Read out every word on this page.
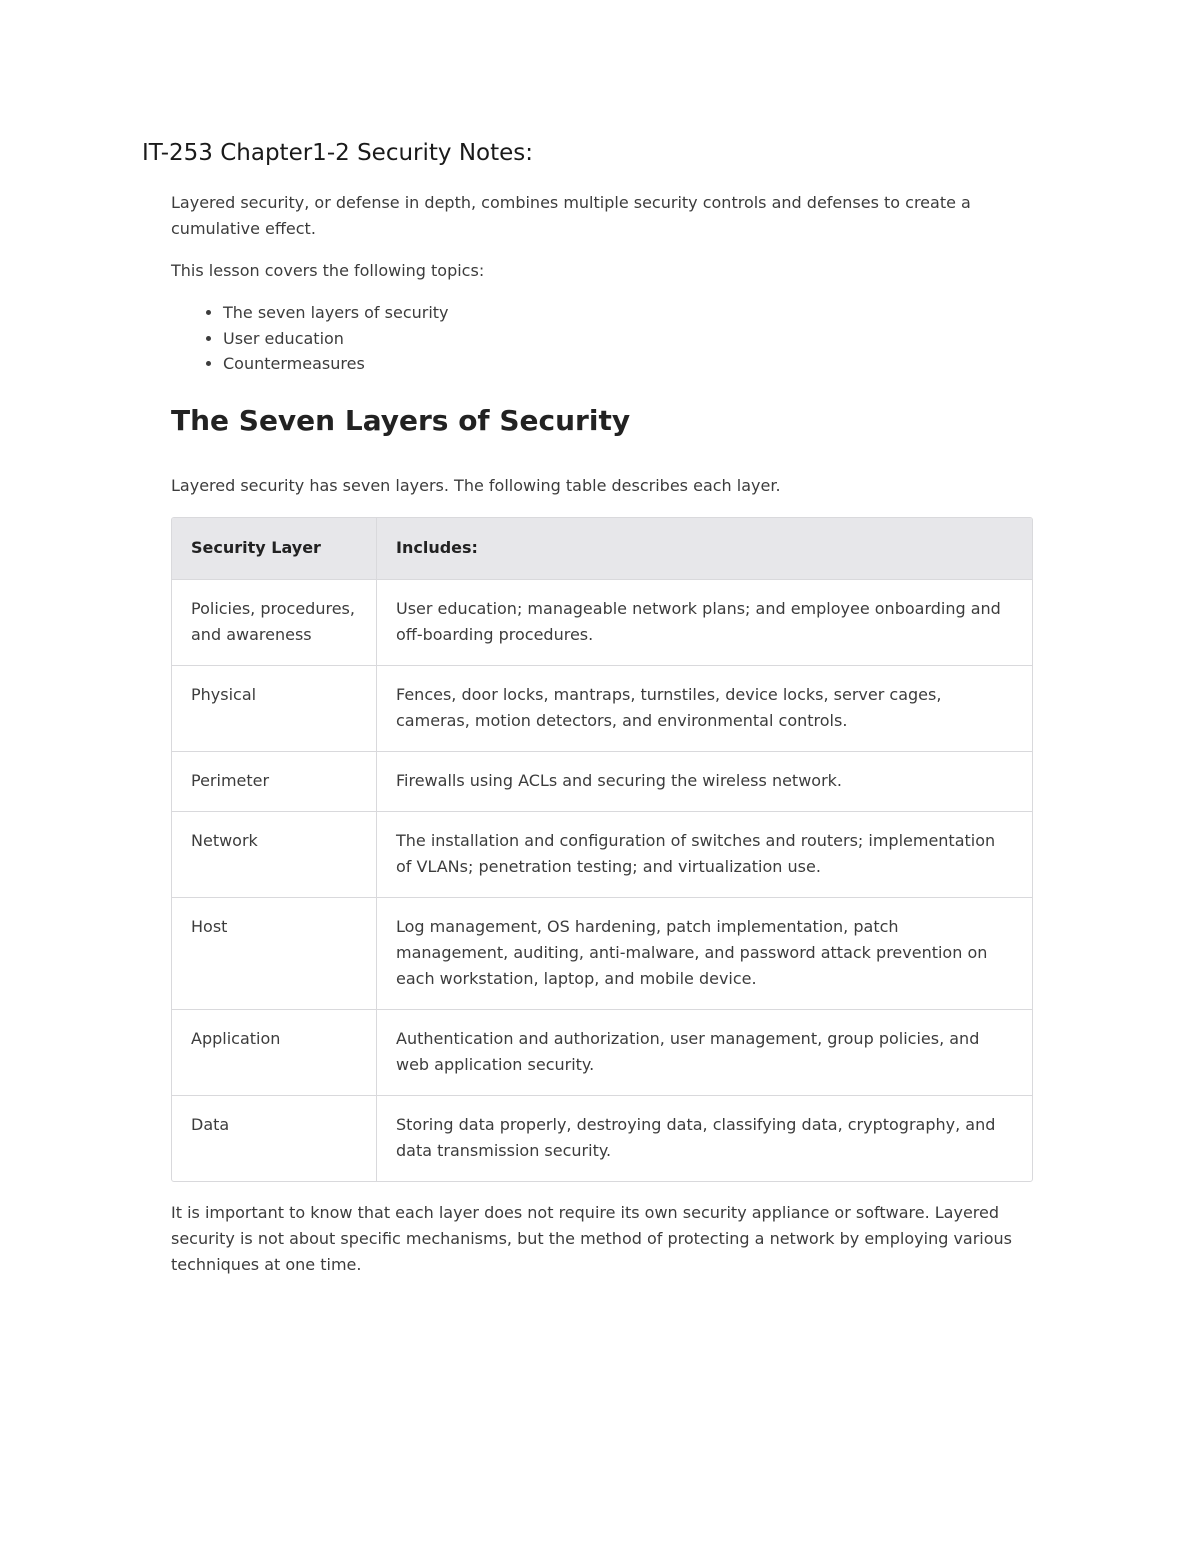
IT-253 Chapter1-2 Security Notes:

Layered security, or defense in depth, combines multiple security controls and defenses to create a cumulative effect.

This lesson covers the following topics:

• The seven layers of security
• User education
• Countermeasures
The Seven Layers of Security

Layered security has seven layers. The following table describes each layer.

Security Layer	Includes:
Policies, procedures, and awareness	User education; manageable network plans; and employee onboarding and off-boarding procedures.
Physical	Fences, door locks, mantraps, turnstiles, device locks, server cages, cameras, motion detectors, and environmental controls.
Perimeter	Firewalls using ACLs and securing the wireless network.
Network	The installation and configuration of switches and routers; implementation of VLANs; penetration testing; and virtualization use.
Host	Log management, OS hardening, patch implementation, patch management, auditing, anti-malware, and password attack prevention on each workstation, laptop, and mobile device.
Application	Authentication and authorization, user management, group policies, and web application security.
Data	Storing data properly, destroying data, classifying data, cryptography, and data transmission security.

It is important to know that each layer does not require its own security appliance or software. Layered security is not about specific mechanisms, but the method of protecting a network by employing various techniques at one time.
